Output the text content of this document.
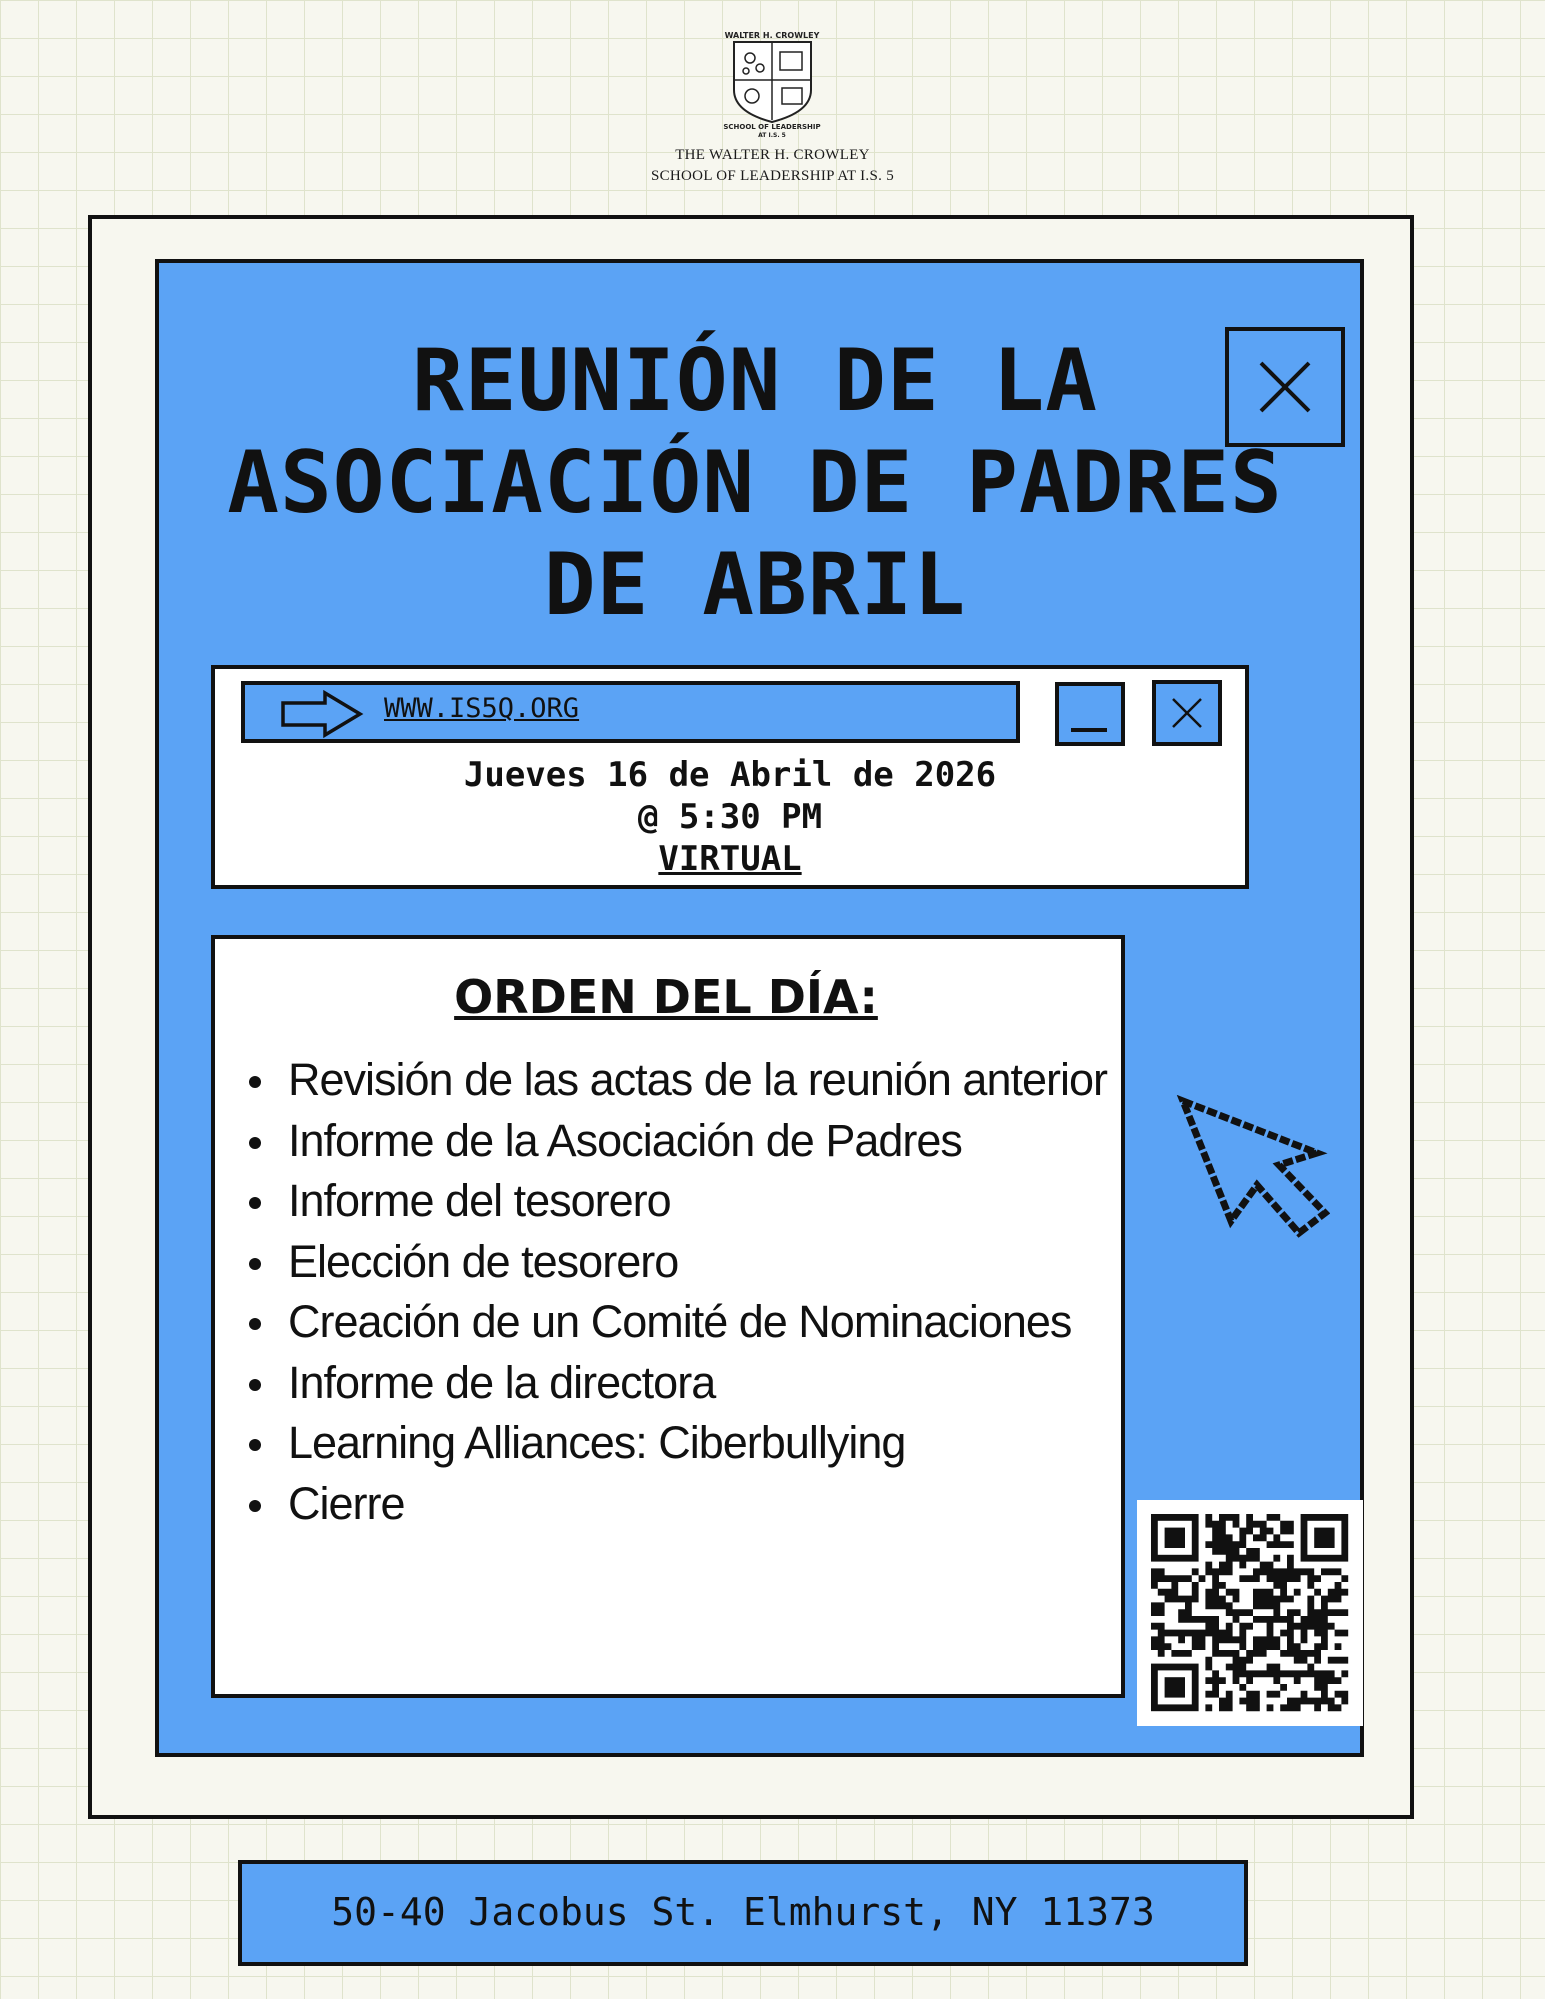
WALTER H. CROWLEY
SCHOOL OF LEADERSHIP
AT I.S. 5
THE WALTER H. CROWLEY
SCHOOL OF LEADERSHIP AT I.S. 5
REUNIÓN DE LA
ASOCIACIÓN DE PADRES
DE ABRIL
WWW.IS5Q.ORG
Jueves 16 de Abril de 2026
@ 5:30 PM
VIRTUAL
ORDEN DEL DÍA:
Revisión de las actas de la reunión anterior
Informe de la Asociación de Padres
Informe del tesorero
Elección de tesorero
Creación de un Comité de Nominaciones
Informe de la directora
Learning Alliances: Ciberbullying
Cierre
50-40 Jacobus St. Elmhurst, NY 11373
